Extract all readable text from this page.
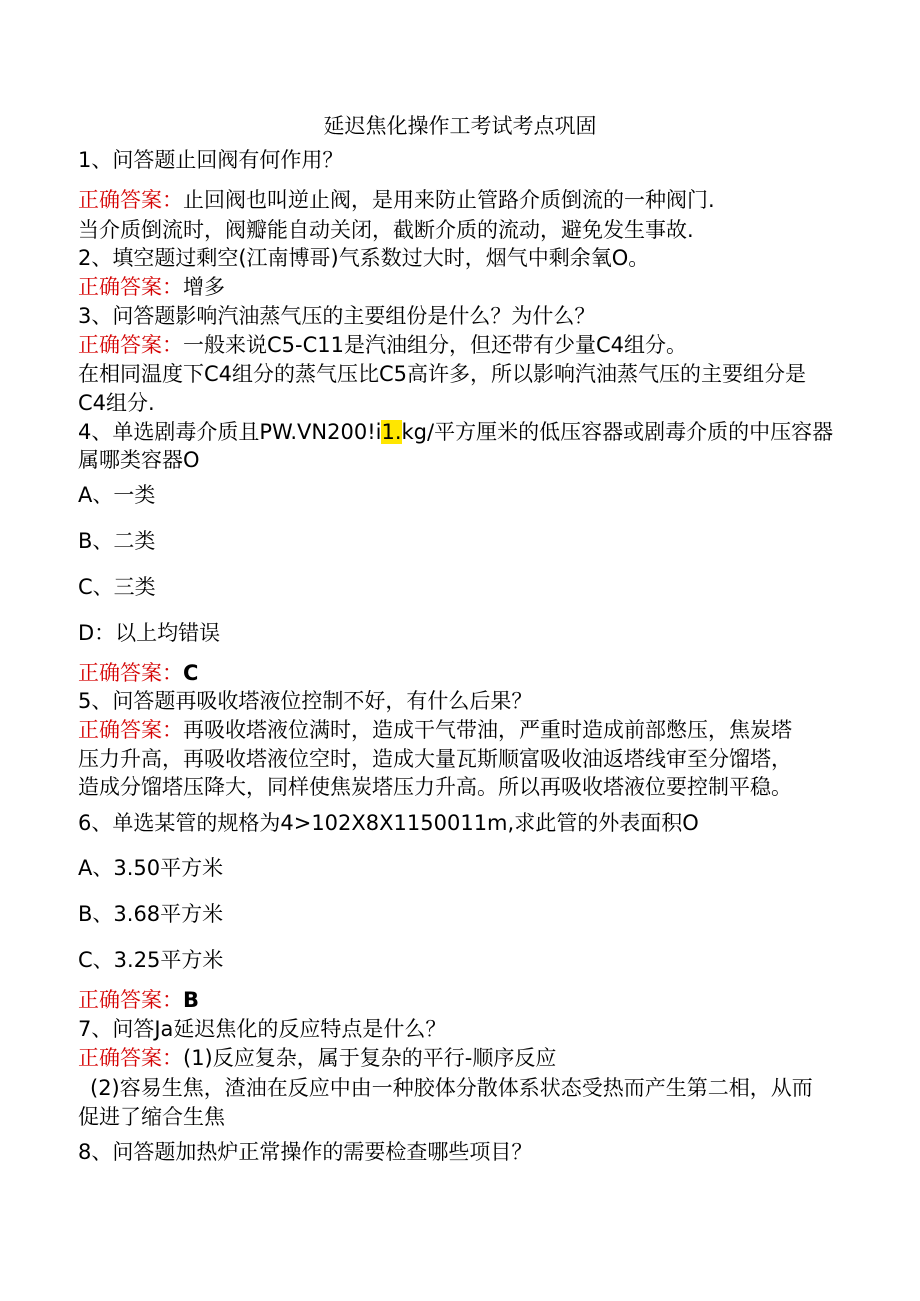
延迟焦化操作工考试考点巩固
1、问答题止回阀有何作用？
正确答案：止回阀也叫逆止阀，是用来防止管路介质倒流的一种阀门.
当介质倒流时，阀瓣能自动关闭，截断介质的流动，避免发生事故.
2、填空题过剩空(江南博哥)气系数过大时，烟气中剩余氧O。
正确答案：增多
3、问答题影响汽油蒸气压的主要组份是什么？为什么？
正确答案：一般来说C5-C11是汽油组分，但还带有少量C4组分。
在相同温度下C4组分的蒸气压比C5高许多，所以影响汽油蒸气压的主要组分是
C4组分.
4、单选剧毒介质且PW.VN200!i1.kg/平方厘米的低压容器或剧毒介质的中压容器
属哪类容器O
A、一类
B、二类
C、三类
D：以上均错误
正确答案：C
5、问答题再吸收塔液位控制不好，有什么后果？
正确答案：再吸收塔液位满时，造成干气带油，严重时造成前部憋压，焦炭塔
压力升高，再吸收塔液位空时，造成大量瓦斯顺富吸收油返塔线审至分馏塔，
造成分馏塔压降大，同样使焦炭塔压力升高。所以再吸收塔液位要控制平稳。
6、单选某管的规格为4>102X8X1150011m,求此管的外表面积O
A、3.50平方米
B、3.68平方米
C、3.25平方米
正确答案：B
7、问答Ja延迟焦化的反应特点是什么？
正确答案：(1)反应复杂，属于复杂的平行-顺序反应
(2)容易生焦，渣油在反应中由一种胶体分散体系状态受热而产生第二相，从而
促进了缩合生焦
8、问答题加热炉正常操作的需要检查哪些项目？
